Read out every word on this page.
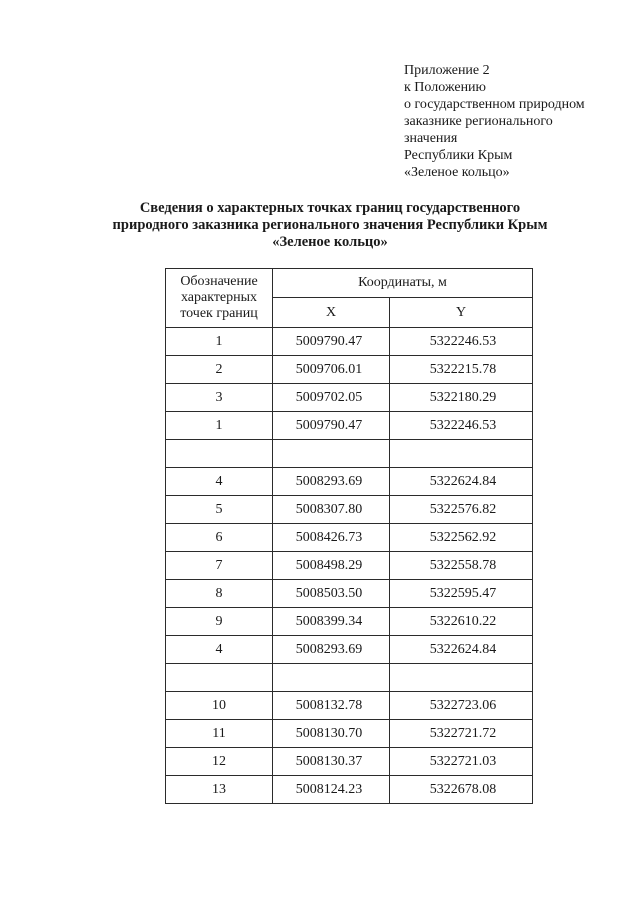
Приложение 2
к Положению
о государственном природном
заказнике регионального
значения
Республики Крым
«Зеленое кольцо»
Сведения о характерных точках границ государственного
природного заказника регионального значения Республики Крым
«Зеленое кольцо»
Обозначение
характерных
точек границ	Координаты, м	
	X	Y
1	5009790.47	5322246.53
2	5009706.01	5322215.78
3	5009702.05	5322180.29
1	5009790.47	5322246.53

4	5008293.69	5322624.84
5	5008307.80	5322576.82
6	5008426.73	5322562.92
7	5008498.29	5322558.78
8	5008503.50	5322595.47
9	5008399.34	5322610.22
4	5008293.69	5322624.84

10	5008132.78	5322723.06
11	5008130.70	5322721.72
12	5008130.37	5322721.03
13	5008124.23	5322678.08
